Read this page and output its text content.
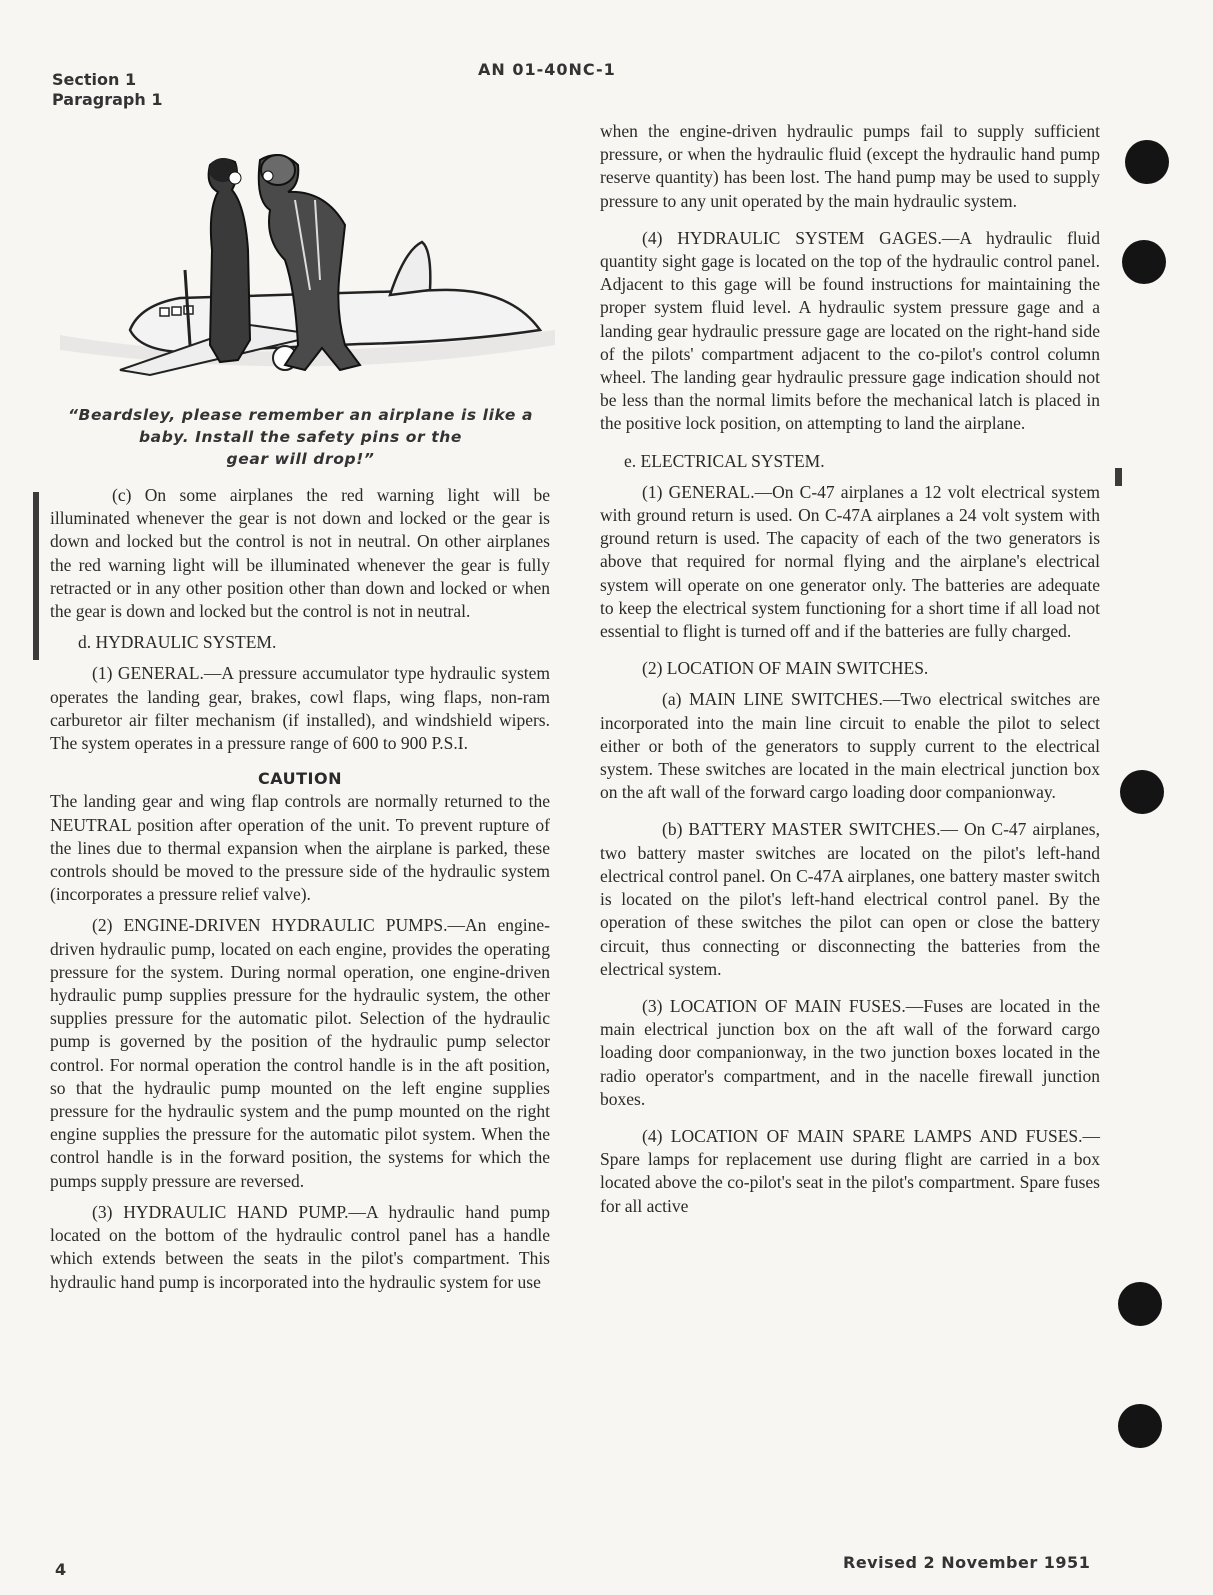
Section 1
Paragraph 1
AN 01-40NC-1
“Beardsley, please remember an airplane is like a
baby. Install the safety pins or the
gear will drop!”

(c) On some airplanes the red warning light will be illuminated whenever the gear is not down and locked or the gear is down and locked but the control is not in neutral. On other airplanes the red warning light will be illuminated whenever the gear is fully retracted or in any other position other than down and locked or when the gear is down and locked but the control is not in neutral.

d. HYDRAULIC SYSTEM.

(1) GENERAL.—A pressure accumulator type hydraulic system operates the landing gear, brakes, cowl flaps, wing flaps, non-ram carburetor air filter mechanism (if installed), and windshield wipers. The system operates in a pressure range of 600 to 900 P.S.I.

CAUTION

The landing gear and wing flap controls are normally returned to the NEUTRAL position after operation of the unit. To prevent rupture of the lines due to thermal expansion when the airplane is parked, these controls should be moved to the pressure side of the hydraulic system (incorporates a pressure relief valve).

(2) ENGINE-DRIVEN HYDRAULIC PUMPS.—An engine-driven hydraulic pump, located on each engine, provides the operating pressure for the system. During normal operation, one engine-driven hydraulic pump supplies pressure for the hydraulic system, the other supplies pressure for the automatic pilot. Selection of the hydraulic pump is governed by the position of the hydraulic pump selector control. For normal operation the control handle is in the aft position, so that the hydraulic pump mounted on the left engine supplies pressure for the hydraulic system and the pump mounted on the right engine supplies the pressure for the automatic pilot system. When the control handle is in the forward position, the systems for which the pumps supply pressure are reversed.

(3) HYDRAULIC HAND PUMP.—A hydraulic hand pump located on the bottom of the hydraulic control panel has a handle which extends between the seats in the pilot's compartment. This hydraulic hand pump is incorporated into the hydraulic system for use

when the engine-driven hydraulic pumps fail to supply sufficient pressure, or when the hydraulic fluid (except the hydraulic hand pump reserve quantity) has been lost. The hand pump may be used to supply pressure to any unit operated by the main hydraulic system.

(4) HYDRAULIC SYSTEM GAGES.—A hydraulic fluid quantity sight gage is located on the top of the hydraulic control panel. Adjacent to this gage will be found instructions for maintaining the proper system fluid level. A hydraulic system pressure gage and a landing gear hydraulic pressure gage are located on the right-hand side of the pilots' compartment adjacent to the co-pilot's control column wheel. The landing gear hydraulic pressure gage indication should not be less than the normal limits before the mechanical latch is placed in the positive lock position, on attempting to land the airplane.

e. ELECTRICAL SYSTEM.

(1) GENERAL.—On C-47 airplanes a 12 volt electrical system with ground return is used. On C-47A airplanes a 24 volt system with ground return is used. The capacity of each of the two generators is above that required for normal flying and the airplane's electrical system will operate on one generator only. The batteries are adequate to keep the electrical system functioning for a short time if all load not essential to flight is turned off and if the batteries are fully charged.

(2) LOCATION OF MAIN SWITCHES.

(a) MAIN LINE SWITCHES.—Two electrical switches are incorporated into the main line circuit to enable the pilot to select either or both of the generators to supply current to the electrical system. These switches are located in the main electrical junction box on the aft wall of the forward cargo loading door companionway.

(b) BATTERY MASTER SWITCHES.— On C-47 airplanes, two battery master switches are located on the pilot's left-hand electrical control panel. On C-47A airplanes, one battery master switch is located on the pilot's left-hand electrical control panel. By the operation of these switches the pilot can open or close the battery circuit, thus connecting or disconnecting the batteries from the electrical system.

(3) LOCATION OF MAIN FUSES.—Fuses are located in the main electrical junction box on the aft wall of the forward cargo loading door companionway, in the two junction boxes located in the radio operator's compartment, and in the nacelle firewall junction boxes.

(4) LOCATION OF MAIN SPARE LAMPS AND FUSES.—Spare lamps for replacement use during flight are carried in a box located above the co-pilot's seat in the pilot's compartment. Spare fuses for all active

4	Revised 2 November 1951
